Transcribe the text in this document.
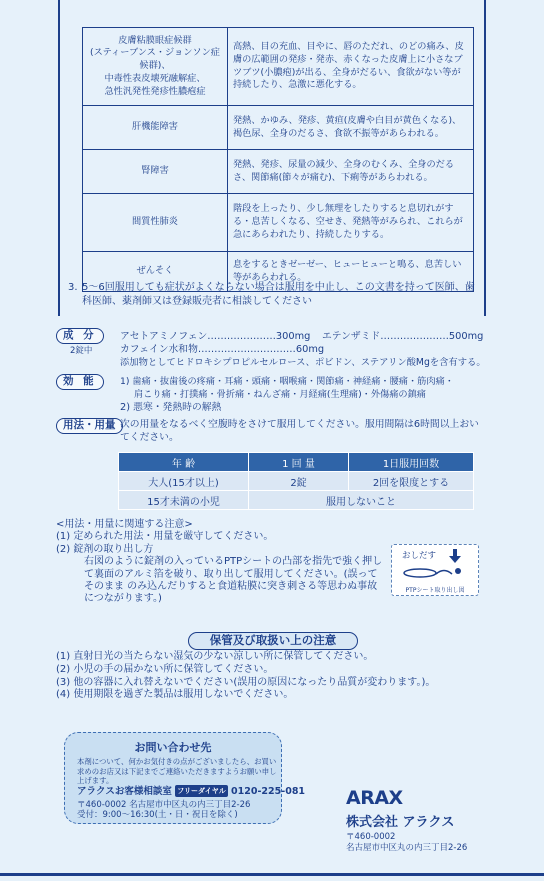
皮膚粘膜眼症候群
(スティーブンス・ジョンソン症候群)、
中毒性表皮壊死融解症、
急性汎発性発疹性膿疱症	高熱、目の充血、目やに、唇のただれ、のどの痛み、皮膚の広範囲の発疹・発赤、赤くなった皮膚上に小さなブツブツ(小膿疱)が出る、全身がだるい、食欲がない等が持続したり、急激に悪化する。
肝機能障害	発熱、かゆみ、発疹、黄疸(皮膚や白目が黄色くなる)、褐色尿、全身のだるさ、食欲不振等があらわれる。
腎障害	発熱、発疹、尿量の減少、全身のむくみ、全身のだるさ、関節痛(節々が痛む)、下痢等があらわれる。
間質性肺炎	階段を上ったり、少し無理をしたりすると息切れがする・息苦しくなる、空せき、発熱等がみられ、これらが急にあらわれたり、持続したりする。
ぜんそく	息をするときゼーゼー、ヒューヒューと鳴る、息苦しい等があらわれる。
3. 5～6回服用しても症状がよくならない場合は服用を中止し、この文書を持って医師、歯科医師、薬剤師又は登録販売者に相談してください
成 分
2錠中
アセトアミノフェン…………………300mg エテンザミド…………………500mg
カフェイン水和物…………………………60mg
添加物としてヒドロキシプロピルセルロース、ポビドン、ステアリン酸Mgを含有する。
効 能	1) 歯痛・抜歯後の疼痛・耳痛・頭痛・咽喉痛・関節痛・神経痛・腰痛・筋肉痛・
肩こり痛・打撲痛・骨折痛・ねんざ痛・月経痛(生理痛)・外傷痛の鎮痛
2) 悪寒・発熱時の解熱
用法・用量 次の用量をなるべく空腹時をさけて服用してください。服用間隔は6時間以上おいてください。
年 齢	1 回 量	1日服用回数
大人(15才以上)	2錠	2回を限度とする
15才未満の小児	服用しないこと	
<用法・用量に関連する注意>
(1) 定められた用法・用量を厳守してください。
(2) 錠剤の取り出し方
右図のように錠剤の入っているPTPシートの凸部を指先で強く押して裏面のアルミ箔を破り、取り出して服用してください。(誤ってそのまま のみ込んだりすると食道粘膜に突き刺さる等思わぬ事故につながります。)
おしだす
PTPシート取り出し図
保管及び取扱い上の注意
(1) 直射日光の当たらない湿気の少ない涼しい所に保管してください。
(2) 小児の手の届かない所に保管してください。
(3) 他の容器に入れ替えないでください(誤用の原因になったり品質が変わります。)。
(4) 使用期限を過ぎた製品は服用しないでください。
お問い合わせ先
本剤について、何かお気付きの点がございましたら、お買い求めのお店又は下記までご連絡いただきますようお願い申し上げます。
アラクスお客様相談室 フリーダイヤル 0120-225-081
〒460-0002 名古屋市中区丸の内三丁目2-26
受付：9:00～16:30(土・日・祝日を除く)
ARAX
株式会社 アラクス
〒460-0002
名古屋市中区丸の内三丁目2-26
